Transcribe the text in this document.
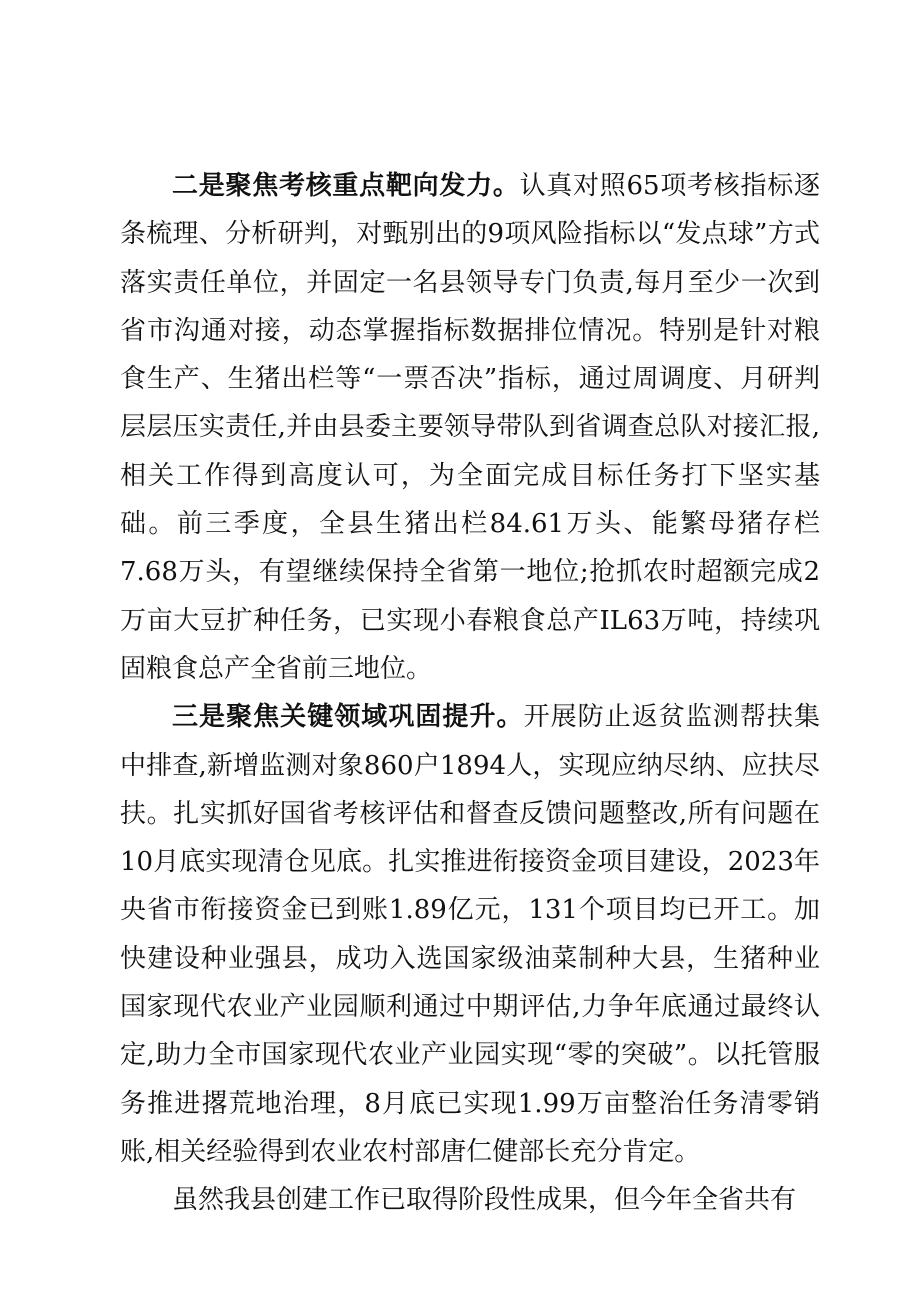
二是聚焦考核重点靶向发力。认真对照65项考核指标逐条梳理、分析研判，对甄别出的9项风险指标以“发点球”方式落实责任单位，并固定一名县领导专门负责,每月至少一次到省市沟通对接，动态掌握指标数据排位情况。特别是针对粮食生产、生猪出栏等“一票否决”指标，通过周调度、月研判层层压实责任,并由县委主要领导带队到省调查总队对接汇报,相关工作得到高度认可，为全面完成目标任务打下坚实基础。前三季度，全县生猪出栏84.61万头、能繁母猪存栏7.68万头，有望继续保持全省第一地位;抢抓农时超额完成2万亩大豆扩种任务，已实现小春粮食总产IL63万吨，持续巩固粮食总产全省前三地位。

三是聚焦关键领域巩固提升。开展防止返贫监测帮扶集中排查,新增监测对象860户1894人，实现应纳尽纳、应扶尽扶。扎实抓好国省考核评估和督查反馈问题整改,所有问题在10月底实现清仓见底。扎实推进衔接资金项目建设，2023年央省市衔接资金已到账1.89亿元，131个项目均已开工。加快建设种业强县，成功入选国家级油菜制种大县，生猪种业国家现代农业产业园顺利通过中期评估,力争年底通过最终认定,助力全市国家现代农业产业园实现“零的突破”。以托管服务推进撂荒地治理，8月底已实现1.99万亩整治任务清零销账,相关经验得到农业农村部唐仁健部长充分肯定。

虽然我县创建工作已取得阶段性成果，但今年全省共有
